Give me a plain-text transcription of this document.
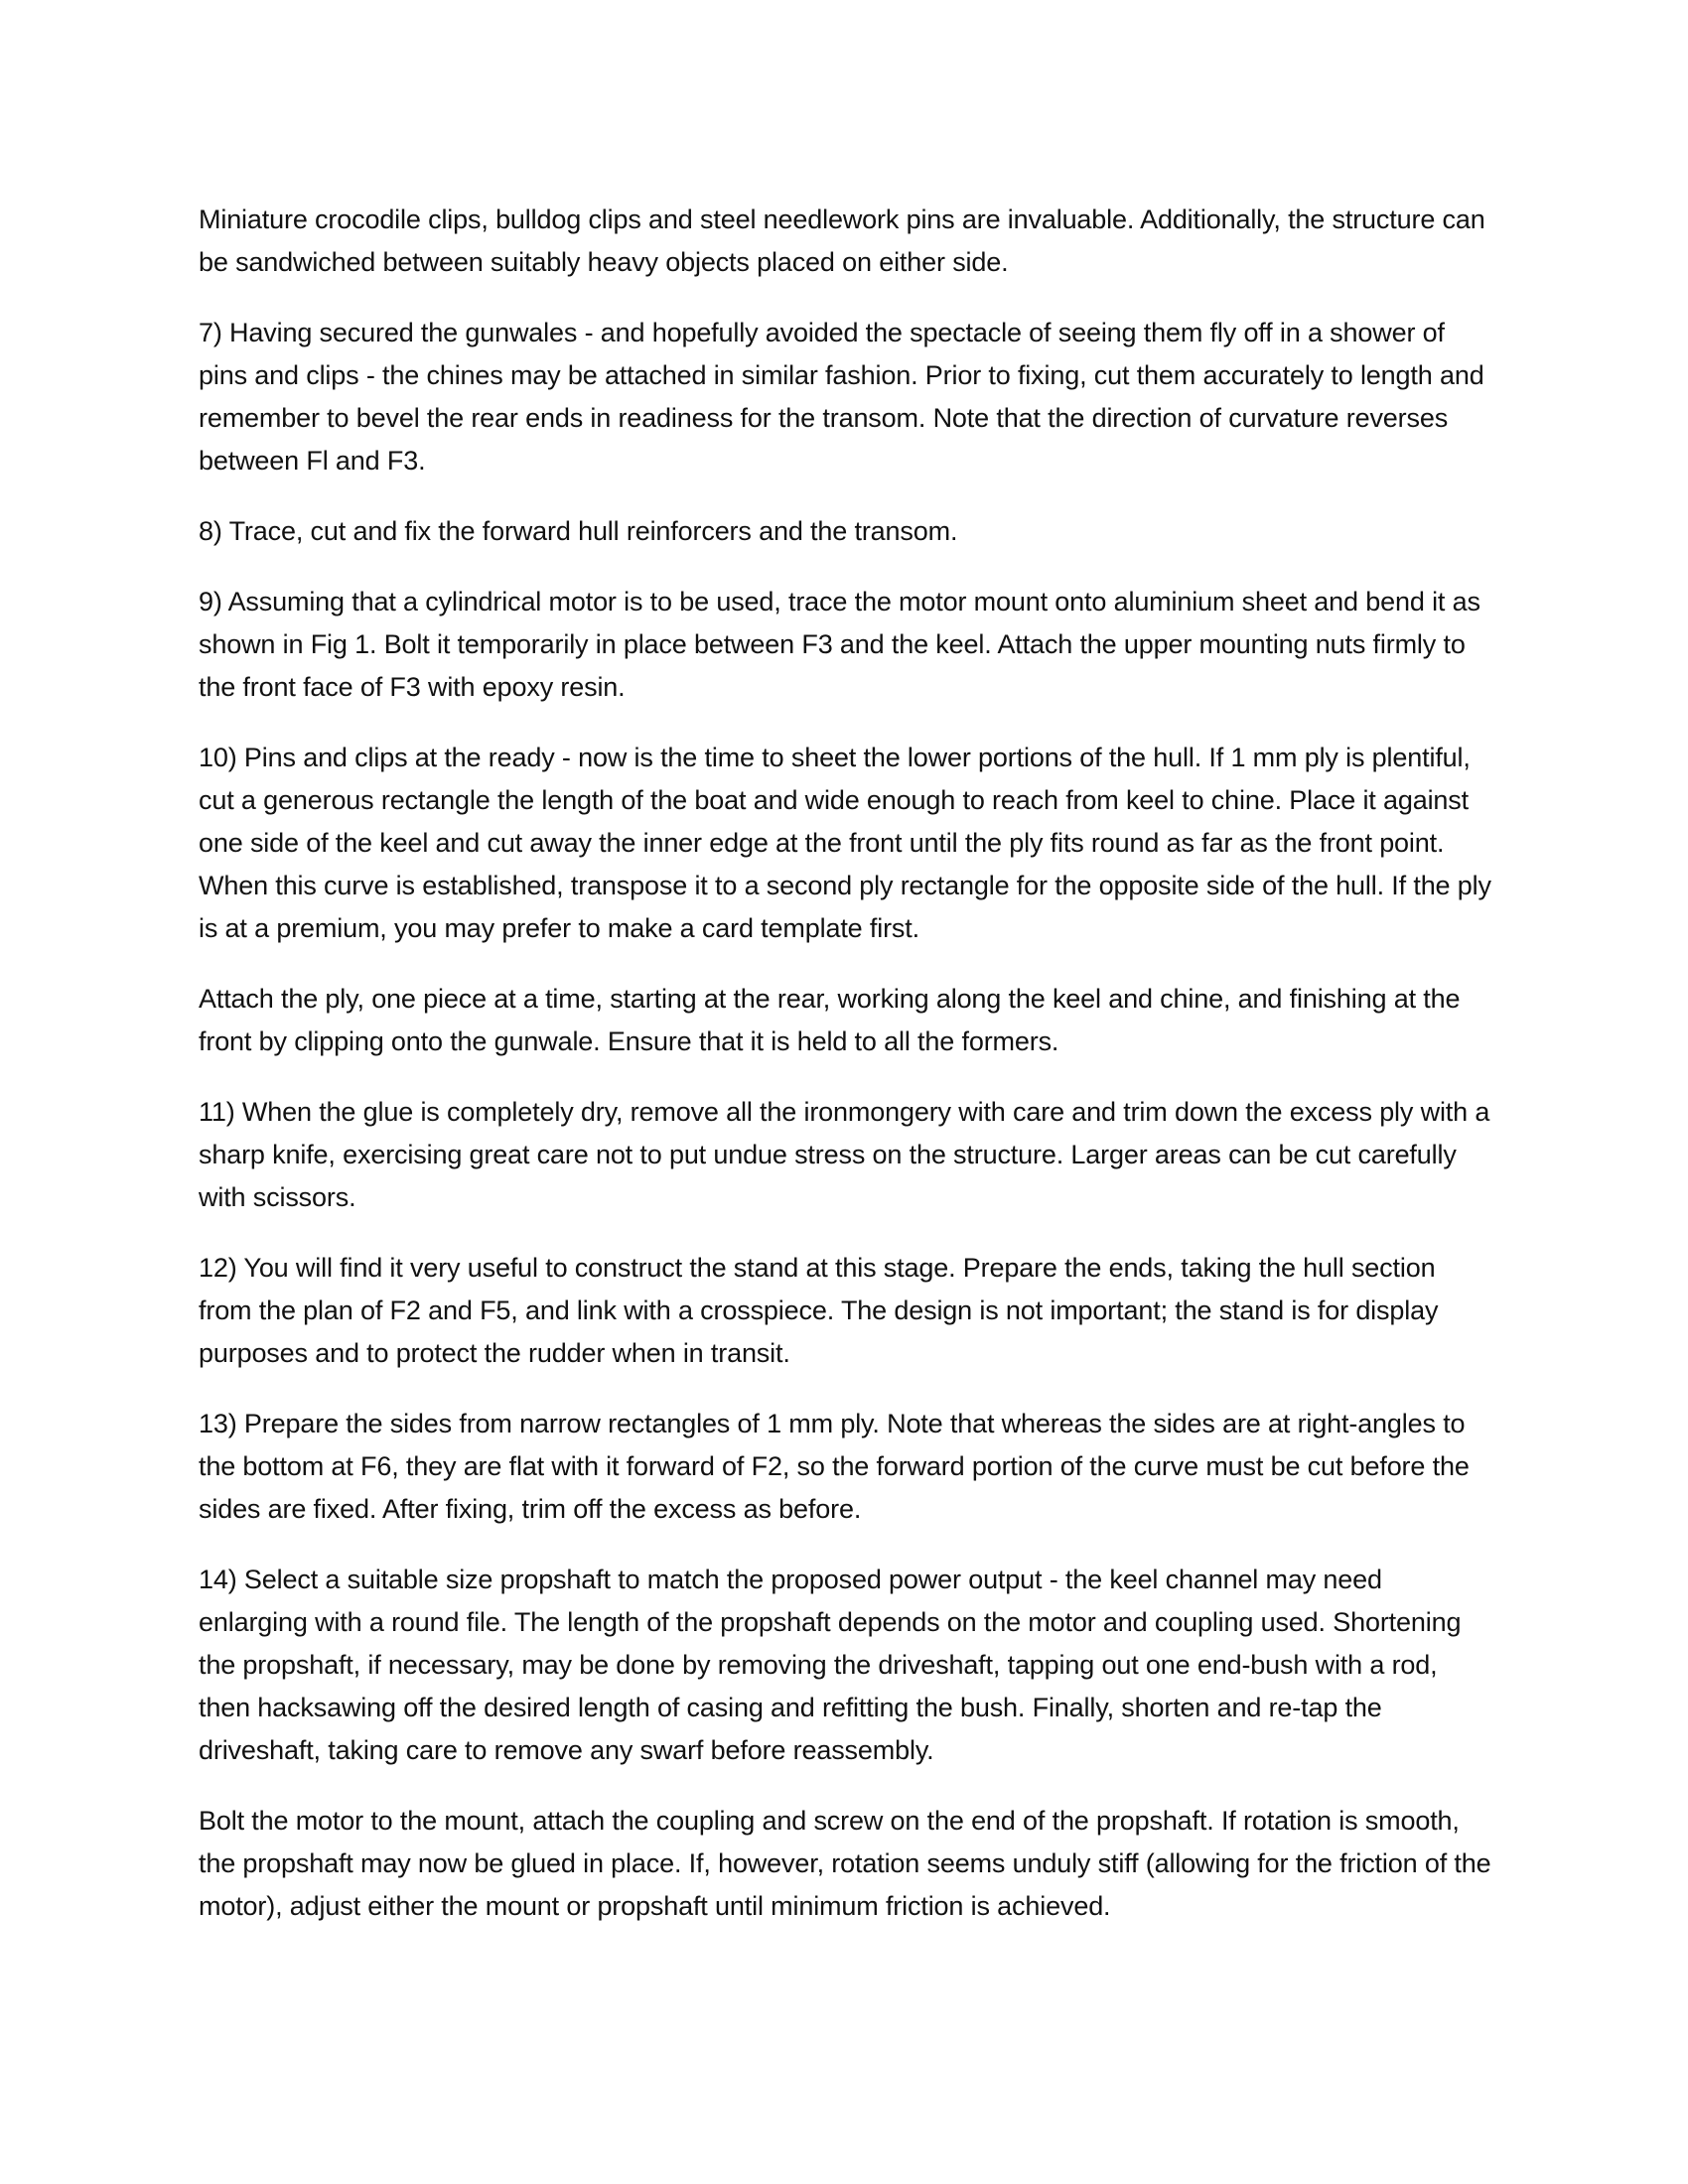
Miniature crocodile clips, bulldog clips and steel needlework pins are invaluable. Additionally, the structure can be sandwiched between suitably heavy objects placed on either side.

7) Having secured the gunwales - and hopefully avoided the spectacle of seeing them fly off in a shower of pins and clips - the chines may be attached in similar fashion. Prior to fixing, cut them accurately to length and remember to bevel the rear ends in readiness for the transom. Note that the direction of curvature reverses between Fl and F3.

8) Trace, cut and fix the forward hull reinforcers and the transom.

9) Assuming that a cylindrical motor is to be used, trace the motor mount onto aluminium sheet and bend it as shown in Fig 1. Bolt it temporarily in place between F3 and the keel. Attach the upper mounting nuts firmly to the front face of F3 with epoxy resin.

10) Pins and clips at the ready - now is the time to sheet the lower portions of the hull. If 1 mm ply is plentiful, cut a generous rectangle the length of the boat and wide enough to reach from keel to chine. Place it against one side of the keel and cut away the inner edge at the front until the ply fits round as far as the front point. When this curve is established, transpose it to a second ply rectangle for the opposite side of the hull. If the ply is at a premium, you may prefer to make a card template first.

Attach the ply, one piece at a time, starting at the rear, working along the keel and chine, and finishing at the front by clipping onto the gunwale. Ensure that it is held to all the formers.

11) When the glue is completely dry, remove all the ironmongery with care and trim down the excess ply with a sharp knife, exercising great care not to put undue stress on the structure. Larger areas can be cut carefully with scissors.

12) You will find it very useful to construct the stand at this stage. Prepare the ends, taking the hull section from the plan of F2 and F5, and link with a crosspiece. The design is not important; the stand is for display purposes and to protect the rudder when in transit.

13) Prepare the sides from narrow rectangles of 1 mm ply. Note that whereas the sides are at right-angles to the bottom at F6, they are flat with it forward of F2, so the forward portion of the curve must be cut before the sides are fixed. After fixing, trim off the excess as before.

14) Select a suitable size propshaft to match the proposed power output - the keel channel may need enlarging with a round file. The length of the propshaft depends on the motor and coupling used. Shortening the propshaft, if necessary, may be done by removing the driveshaft, tapping out one end-bush with a rod, then hacksawing off the desired length of casing and refitting the bush. Finally, shorten and re-tap the driveshaft, taking care to remove any swarf before reassembly.

Bolt the motor to the mount, attach the coupling and screw on the end of the propshaft. If rotation is smooth, the propshaft may now be glued in place. If, however, rotation seems unduly stiff (allowing for the friction of the motor), adjust either the mount or propshaft until minimum friction is achieved.
